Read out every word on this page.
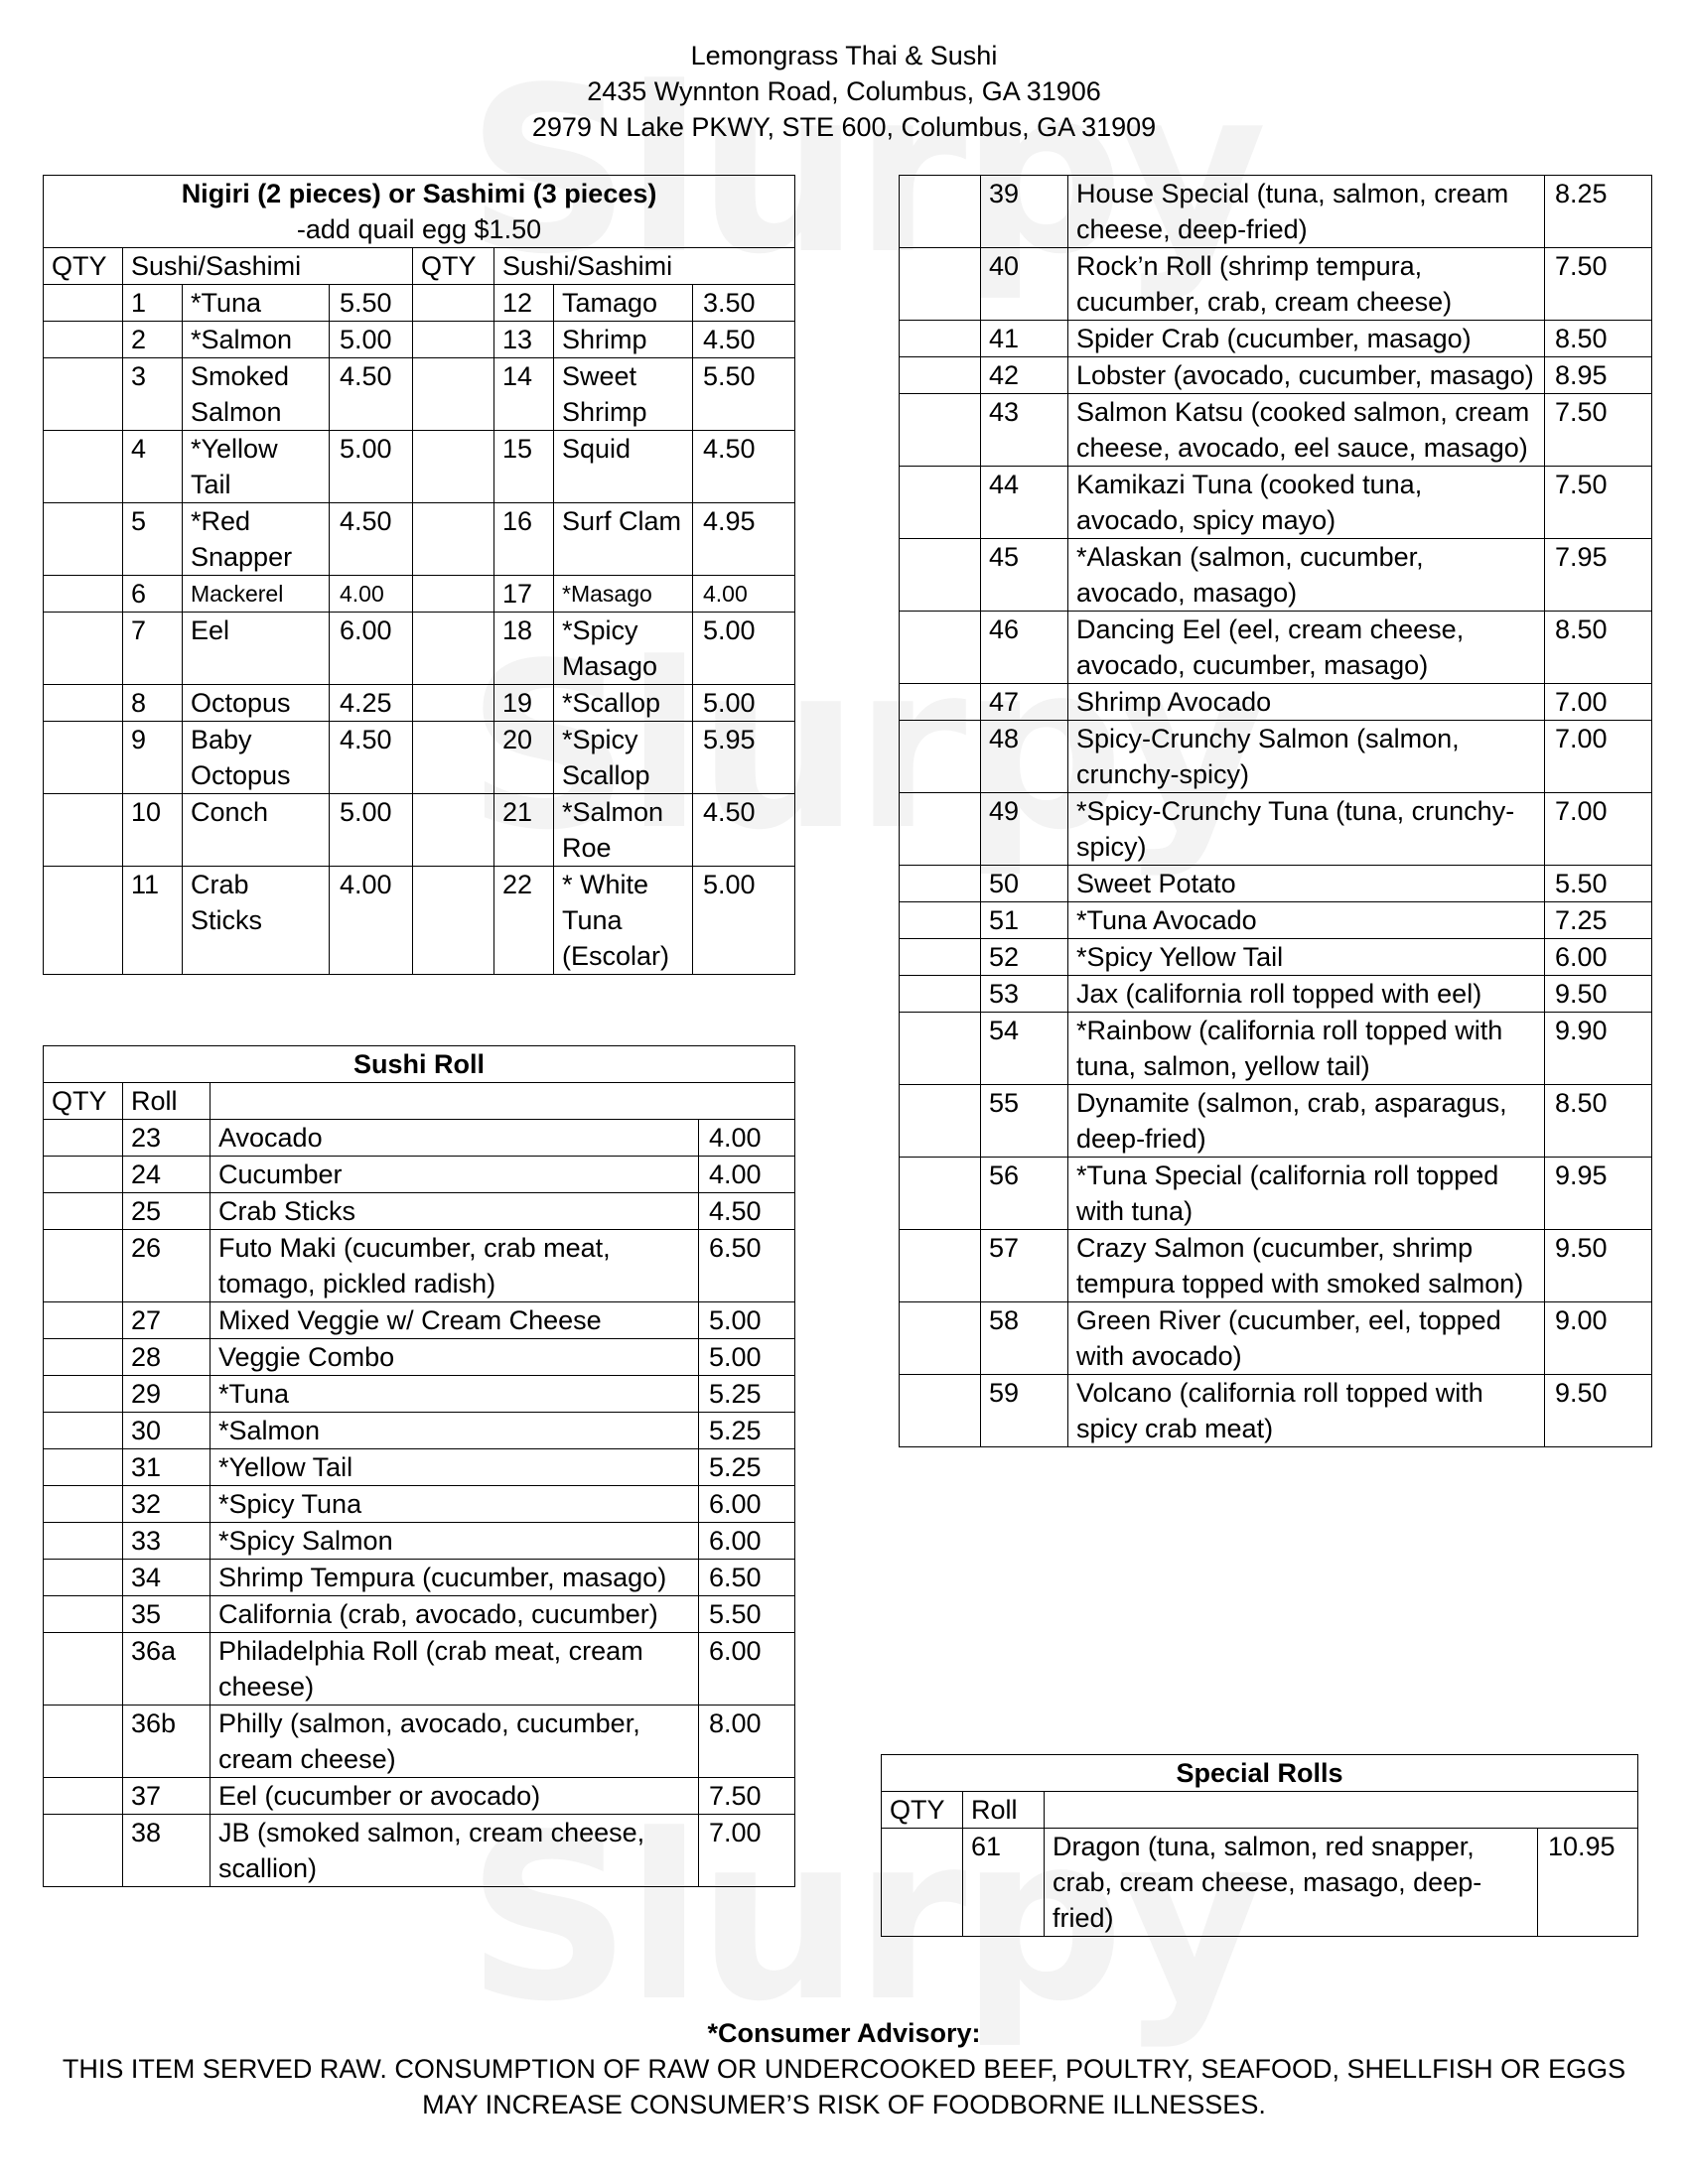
Lemongrass Thai & Sushi
2435 Wynnton Road, Columbus, GA 31906
2979 N Lake PKWY, STE 600, Columbus, GA 31909
Nigiri (2 pieces) or Sashimi (3 pieces)
-add quail egg $1.50							

QTY	Sushi/Sashimi			QTY	Sushi/Sashimi		
	1	*Tuna	5.50		12	Tamago	3.50
	2	*Salmon	5.00		13	Shrimp	4.50
	3	Smoked Salmon	4.50		14	Sweet Shrimp	5.50
	4	*Yellow Tail	5.00		15	Squid	4.50
	5	*Red Snapper	4.50		16	Surf Clam	4.95
	6	Mackerel	4.00		17	*Masago	4.00
	7	Eel	6.00		18	*Spicy Masago	5.00
	8	Octopus	4.25		19	*Scallop	5.00
	9	Baby Octopus	4.50		20	*Spicy Scallop	5.95
	10	Conch	5.00		21	*Salmon Roe	4.50
	11	Crab Sticks	4.00		22	* White Tuna (Escolar)	5.00
Sushi Roll			
QTY	Roll		
	23	Avocado	4.00
	24	Cucumber	4.00
	25	Crab Sticks	4.50
	26	Futo Maki (cucumber, crab meat, tomago, pickled radish)	6.50
	27	Mixed Veggie w/ Cream Cheese	5.00
	28	Veggie Combo	5.00
	29	*Tuna	5.25
	30	*Salmon	5.25
	31	*Yellow Tail	5.25
	32	*Spicy Tuna	6.00
	33	*Spicy Salmon	6.00
	34	Shrimp Tempura (cucumber, masago)	6.50
	35	California (crab, avocado, cucumber)	5.50
	36a	Philadelphia Roll (crab meat, cream cheese)	6.00
	36b	Philly (salmon, avocado, cucumber, cream cheese)	8.00
	37	Eel (cucumber or avocado)	7.50
	38	JB (smoked salmon, cream cheese, scallion)	7.00
	39	House Special (tuna, salmon, cream cheese, deep-fried)	8.25
	40	Rock’n Roll (shrimp tempura, cucumber, crab, cream cheese)	7.50
	41	Spider Crab (cucumber, masago)	8.50
	42	Lobster (avocado, cucumber, masago)	8.95
	43	Salmon Katsu (cooked salmon, cream cheese, avocado, eel sauce, masago)	7.50
	44	Kamikazi Tuna (cooked tuna, avocado, spicy mayo)	7.50
	45	*Alaskan (salmon, cucumber, avocado, masago)	7.95
	46	Dancing Eel (eel, cream cheese, avocado, cucumber, masago)	8.50
	47	Shrimp Avocado	7.00
	48	Spicy-Crunchy Salmon (salmon, crunchy-spicy)	7.00
	49	*Spicy-Crunchy Tuna (tuna, crunchy-spicy)	7.00
	50	Sweet Potato	5.50
	51	*Tuna Avocado	7.25
	52	*Spicy Yellow Tail	6.00
	53	Jax (california roll topped with eel)	9.50
	54	*Rainbow (california roll topped with tuna, salmon, yellow tail)	9.90
	55	Dynamite (salmon, crab, asparagus, deep-fried)	8.50
	56	*Tuna Special (california roll topped with tuna)	9.95
	57	Crazy Salmon (cucumber, shrimp tempura topped with smoked salmon)	9.50
	58	Green River (cucumber, eel, topped with avocado)	9.00
	59	Volcano (california roll topped with spicy crab meat)	9.50
Special Rolls			
QTY	Roll		
	61	Dragon (tuna, salmon, red snapper, crab, cream cheese, masago, deep-fried)	10.95
*Consumer Advisory:
THIS ITEM SERVED RAW. CONSUMPTION OF RAW OR UNDERCOOKED BEEF, POULTRY, SEAFOOD, SHELLFISH OR EGGS
MAY INCREASE CONSUMER’S RISK OF FOODBORNE ILLNESSES.
